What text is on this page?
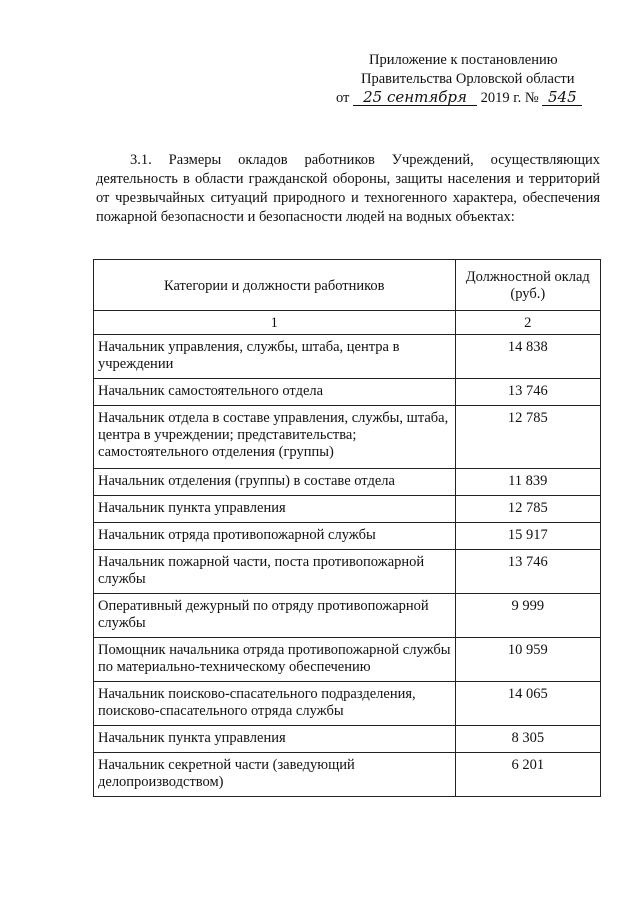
Приложение к постановлению
Правительства Орловской области
от 25 сентября 2019 г. № 545
3.1. Размеры окладов работников Учреждений, осуществляющих деятельность в области гражданской обороны, защиты населения и территорий от чрезвычайных ситуаций природного и техногенного характера, обеспечения пожарной безопасности и безопасности людей на водных объектах:
Категории и должности работников	Должностной оклад (руб.)
1	2
Начальник управления, службы, штаба, центра в учреждении	14 838
Начальник самостоятельного отдела	13 746
Начальник отдела в составе управления, службы, штаба, центра в учреждении; представительства; самостоятельного отделения (группы)	12 785
Начальник отделения (группы) в составе отдела	11 839
Начальник пункта управления	12 785
Начальник отряда противопожарной службы	15 917
Начальник пожарной части, поста противопожарной службы	13 746
Оперативный дежурный по отряду противопожарной службы	9 999
Помощник начальника отряда противопожарной службы по материально-техническому обеспечению	10 959
Начальник поисково-спасательного подразделения, поисково-спасательного отряда службы	14 065
Начальник пункта управления	8 305
Начальник секретной части (заведующий делопроизводством)	6 201
